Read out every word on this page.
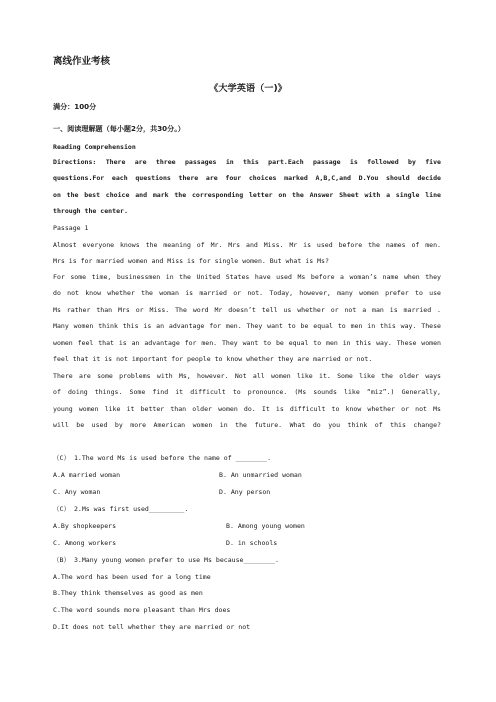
离线作业考核
《大学英语（一)》
满分：100分
一、阅读理解题（每小题2分，共30分。）
Reading Comprehension
Directions: There are three passages in this part.Each passage is followed by five
questions.For each questions there are four choices marked A,B,C,and D.You should decide
on the best choice and mark the corresponding letter on the Answer Sheet with a single line
through the center.
Passage 1
Almost everyone knows the meaning of Mr. Mrs and Miss. Mr is used before the names of men.
Mrs is for married women and Miss is for single women. But what is Ms?
For some time, businessmen in the United States have used Ms before a woman’s name when they
do not know whether the woman is married or not. Today, however, many women prefer to use
Ms rather than Mrs or Miss. The word Mr doesn’t tell us whether or not a man is married .
Many women think this is an advantage for men. They want to be equal to men in this way. These
women feel that is an advantage for men. They want to be equal to men in this way. These women
feel that it is not important for people to know whether they are married or not.
There are some problems with Ms, however. Not all women like it. Some like the older ways
of doing things. Some find it difficult to pronounce. (Ms sounds like “miz”.) Generally,
young women like it better than older women do. It is difficult to know whether or not Ms
will be used by more American women in the future. What do you think of this change?
（C） 1.The word Ms is used before the name of ________.
A.A married woman	B. An unmarried woman
C. Any woman	D. Any person
（C） 2.Ms was first used_________.
A.By shopkeepers	B. Among young women
C. Among workers	D. in schools
（B） 3.Many young women prefer to use Ms because________.
A.The word has been used for a long time
B.They think themselves as good as men
C.The word sounds more pleasant than Mrs does
D.It does not tell whether they are married or not
